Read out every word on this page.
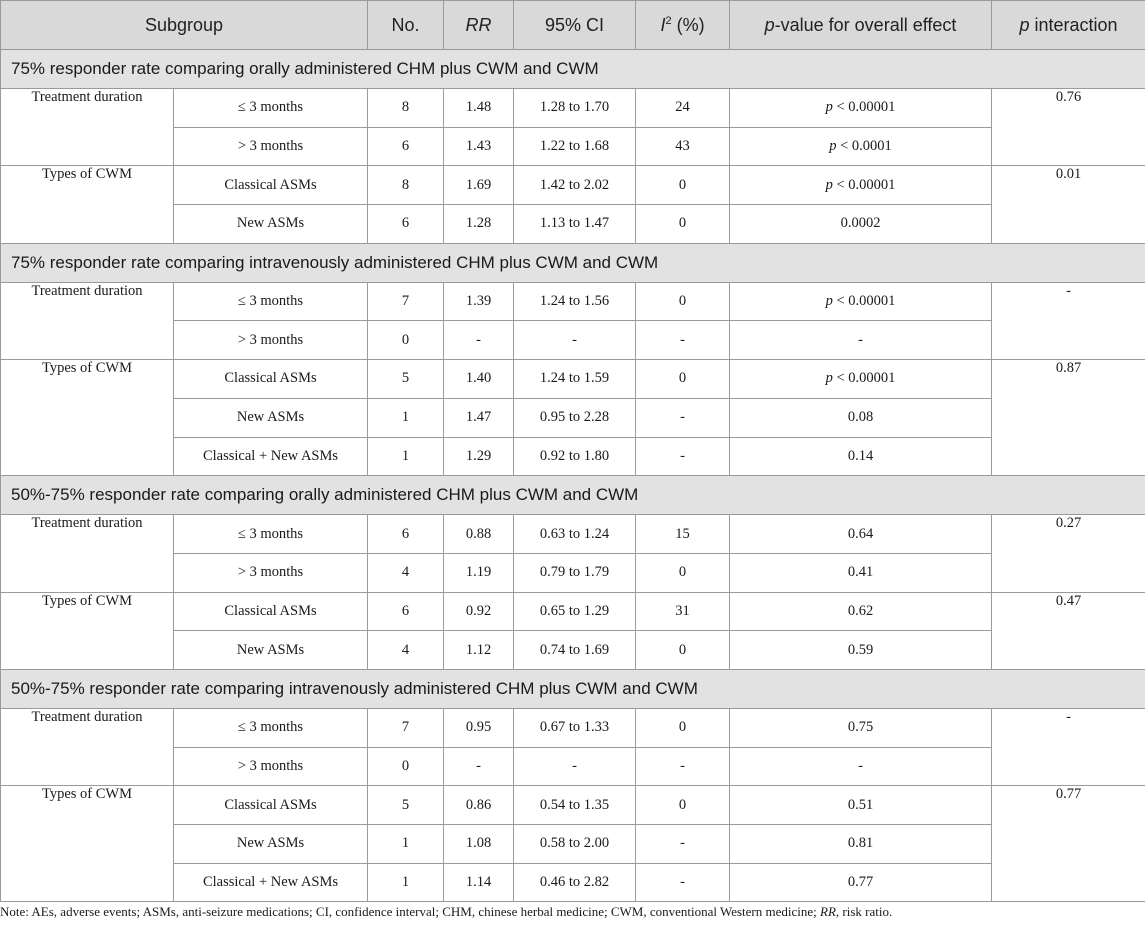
Subgroup		No.	RR	95% CI	$I^2$ (%)	p-value for overall effect	p interaction
75% responder rate comparing orally administered CHM plus CWM and CWM							
Treatment duration	≤ 3 months	8	1.48	1.28 to 1.70	24	p < 0.00001	0.76
	> 3 months	6	1.43	1.22 to 1.68	43	p < 0.0001	
Types of CWM	Classical ASMs	8	1.69	1.42 to 2.02	0	p < 0.00001	0.01
	New ASMs	6	1.28	1.13 to 1.47	0	0.0002	
75% responder rate comparing intravenously administered CHM plus CWM and CWM							
Treatment duration	≤ 3 months	7	1.39	1.24 to 1.56	0	p < 0.00001	-
	> 3 months	0	-	-	-	-	
Types of CWM	Classical ASMs	5	1.40	1.24 to 1.59	0	p < 0.00001	0.87
	New ASMs	1	1.47	0.95 to 2.28	-	0.08	
	Classical + New ASMs	1	1.29	0.92 to 1.80	-	0.14	
50%-75% responder rate comparing orally administered CHM plus CWM and CWM							
Treatment duration	≤ 3 months	6	0.88	0.63 to 1.24	15	0.64	0.27
	> 3 months	4	1.19	0.79 to 1.79	0	0.41	
Types of CWM	Classical ASMs	6	0.92	0.65 to 1.29	31	0.62	0.47
	New ASMs	4	1.12	0.74 to 1.69	0	0.59	
50%-75% responder rate comparing intravenously administered CHM plus CWM and CWM							
Treatment duration	≤ 3 months	7	0.95	0.67 to 1.33	0	0.75	-
	> 3 months	0	-	-	-	-	
Types of CWM	Classical ASMs	5	0.86	0.54 to 1.35	0	0.51	0.77
	New ASMs	1	1.08	0.58 to 2.00	-	0.81	
	Classical + New ASMs	1	1.14	0.46 to 2.82	-	0.77	
Note: AEs, adverse events; ASMs, anti-seizure medications; CI, confidence interval; CHM, chinese herbal medicine; CWM, conventional Western medicine; RR, risk ratio.
